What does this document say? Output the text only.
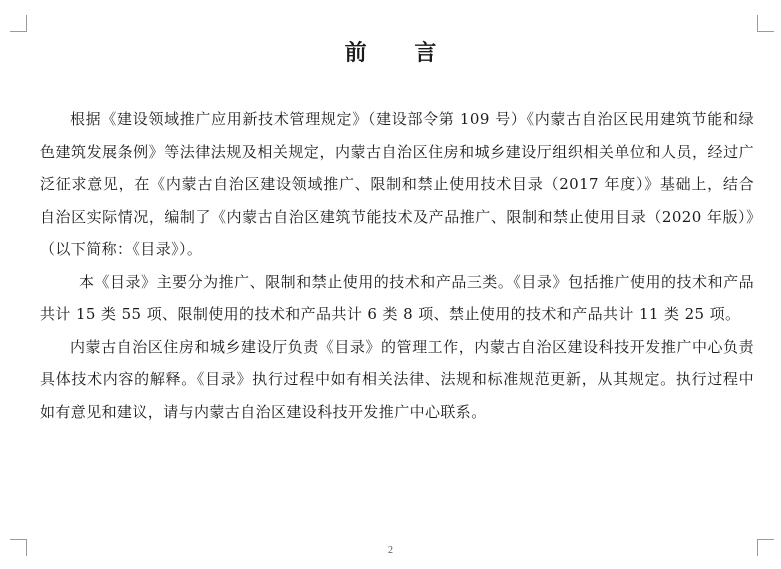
前 言

根据《建设领域推广应用新技术管理规定》（建设部令第 109 号）《内蒙古自治区民用建筑节能和绿色建筑发展条例》等法律法规及相关规定，内蒙古自治区住房和城乡建设厅组织相关单位和人员，经过广泛征求意见，在《内蒙古自治区建设领域推广、限制和禁止使用技术目录（2017 年度）》基础上，结合自治区实际情况，编制了《内蒙古自治区建筑节能技术及产品推广、限制和禁止使用目录（2020 年版）》（以下简称：《目录》）。

本《目录》主要分为推广、限制和禁止使用的技术和产品三类。《目录》包括推广使用的技术和产品共计 15 类 55 项、限制使用的技术和产品共计 6 类 8 项、禁止使用的技术和产品共计 11 类 25 项。

内蒙古自治区住房和城乡建设厅负责《目录》的管理工作，内蒙古自治区建设科技开发推广中心负责具体技术内容的解释。《目录》执行过程中如有相关法律、法规和标准规范更新，从其规定。执行过程中如有意见和建议，请与内蒙古自治区建设科技开发推广中心联系。

2
